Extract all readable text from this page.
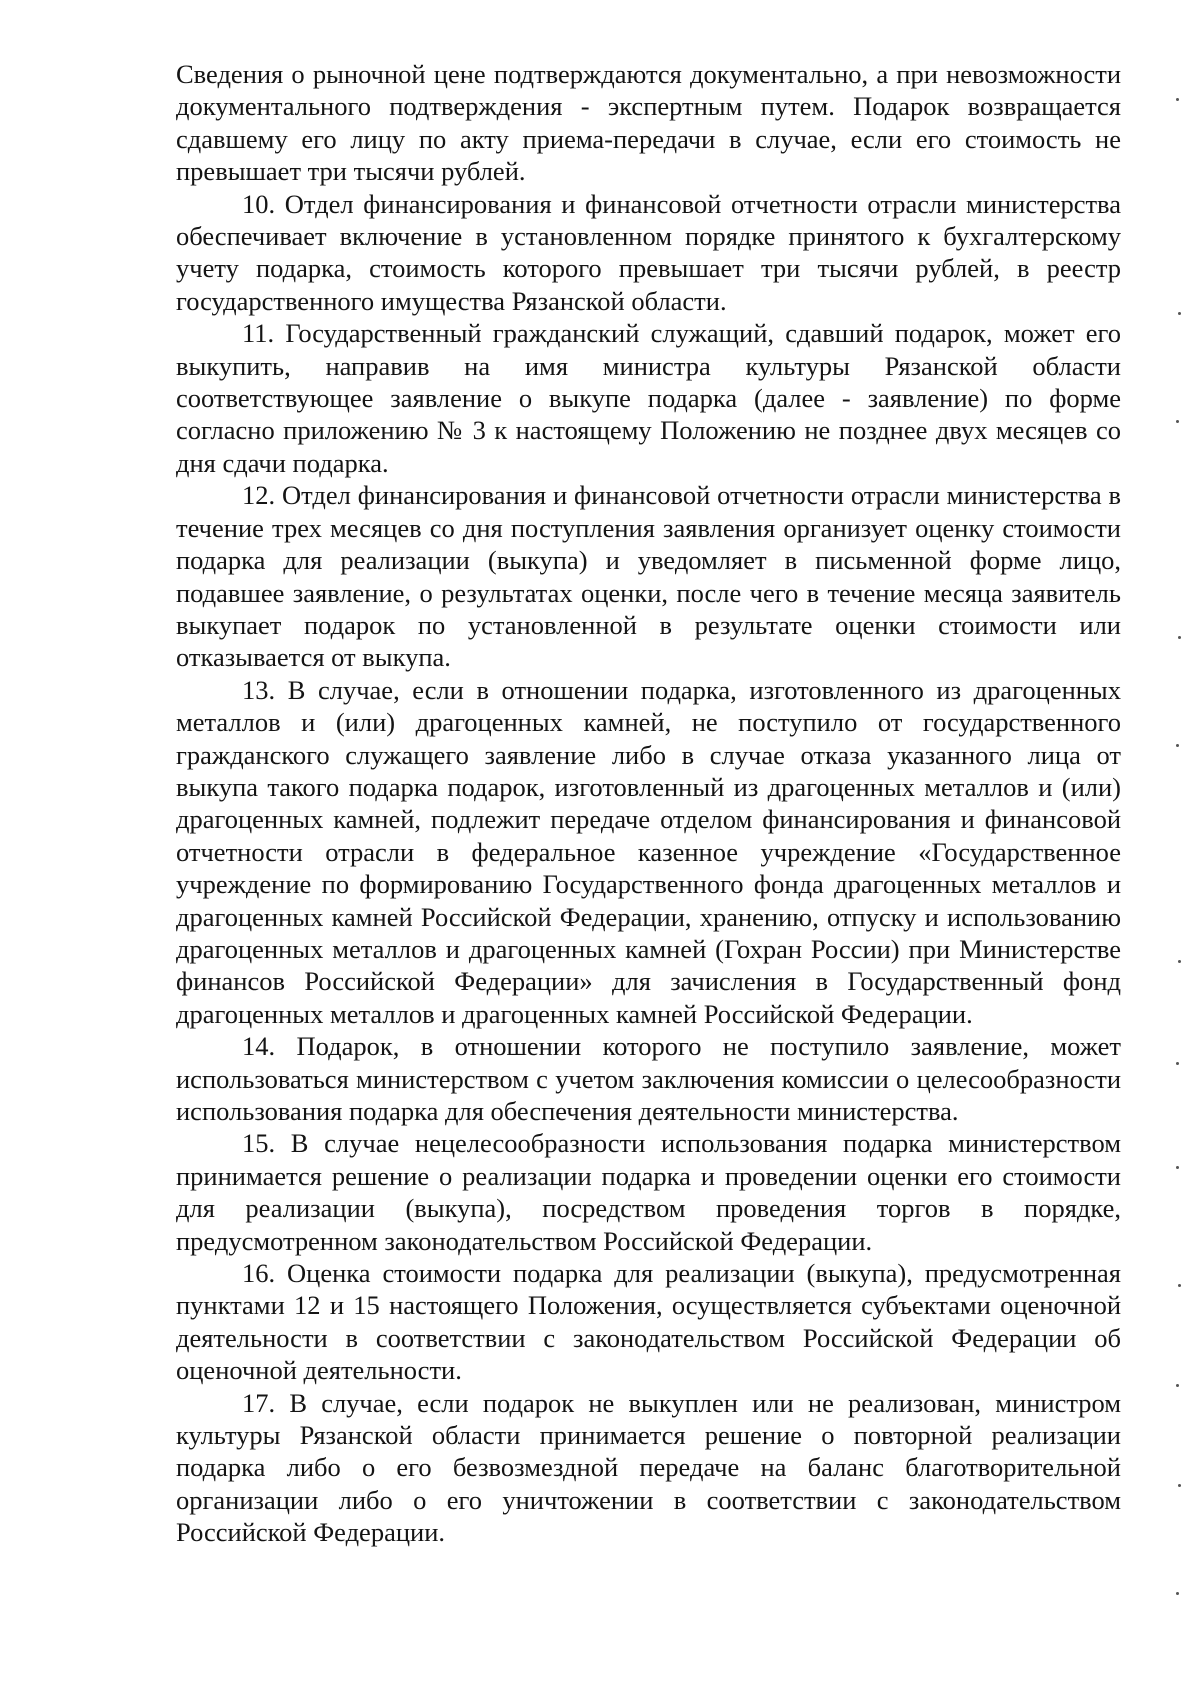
Сведения о рыночной цене подтверждаются документально, а при невозможности документального подтверждения - экспертным путем. Подарок возвращается сдавшему его лицу по акту приема-передачи в случае, если его стоимость не превышает три тысячи рублей.

10. Отдел финансирования и финансовой отчетности отрасли министерства обеспечивает включение в установленном порядке принятого к бухгалтерскому учету подарка, стоимость которого превышает три тысячи рублей, в реестр государственного имущества Рязанской области.

11. Государственный гражданский служащий, сдавший подарок, может его выкупить, направив на имя министра культуры Рязанской области соответствующее заявление о выкупе подарка (далее - заявление) по форме согласно приложению № 3 к настоящему Положению не позднее двух месяцев со дня сдачи подарка.

12. Отдел финансирования и финансовой отчетности отрасли министерства в течение трех месяцев со дня поступления заявления организует оценку стоимости подарка для реализации (выкупа) и уведомляет в письменной форме лицо, подавшее заявление, о результатах оценки, после чего в течение месяца заявитель выкупает подарок по установленной в результате оценки стоимости или отказывается от выкупа.

13. В случае, если в отношении подарка, изготовленного из драгоценных металлов и (или) драгоценных камней, не поступило от государственного гражданского служащего заявление либо в случае отказа указанного лица от выкупа такого подарка подарок, изготовленный из драгоценных металлов и (или) драгоценных камней, подлежит передаче отделом финансирования и финансовой отчетности отрасли в федеральное казенное учреждение «Государственное учреждение по формированию Государственного фонда драгоценных металлов и драгоценных камней Российской Федерации, хранению, отпуску и использованию драгоценных металлов и драгоценных камней (Гохран России) при Министерстве финансов Российской Федерации» для зачисления в Государственный фонд драгоценных металлов и драгоценных камней Российской Федерации.

14. Подарок, в отношении которого не поступило заявление, может использоваться министерством с учетом заключения комиссии о целесообразности использования подарка для обеспечения деятельности министерства.

15. В случае нецелесообразности использования подарка министерством принимается решение о реализации подарка и проведении оценки его стоимости для реализации (выкупа), посредством проведения торгов в порядке, предусмотренном законодательством Российской Федерации.

16. Оценка стоимости подарка для реализации (выкупа), предусмотренная пунктами 12 и 15 настоящего Положения, осуществляется субъектами оценочной деятельности в соответствии с законодательством Российской Федерации об оценочной деятельности.

17. В случае, если подарок не выкуплен или не реализован, министром культуры Рязанской области принимается решение о повторной реализации подарка либо о его безвозмездной передаче на баланс благотворительной организации либо о его уничтожении в соответствии с законодательством Российской Федерации.
